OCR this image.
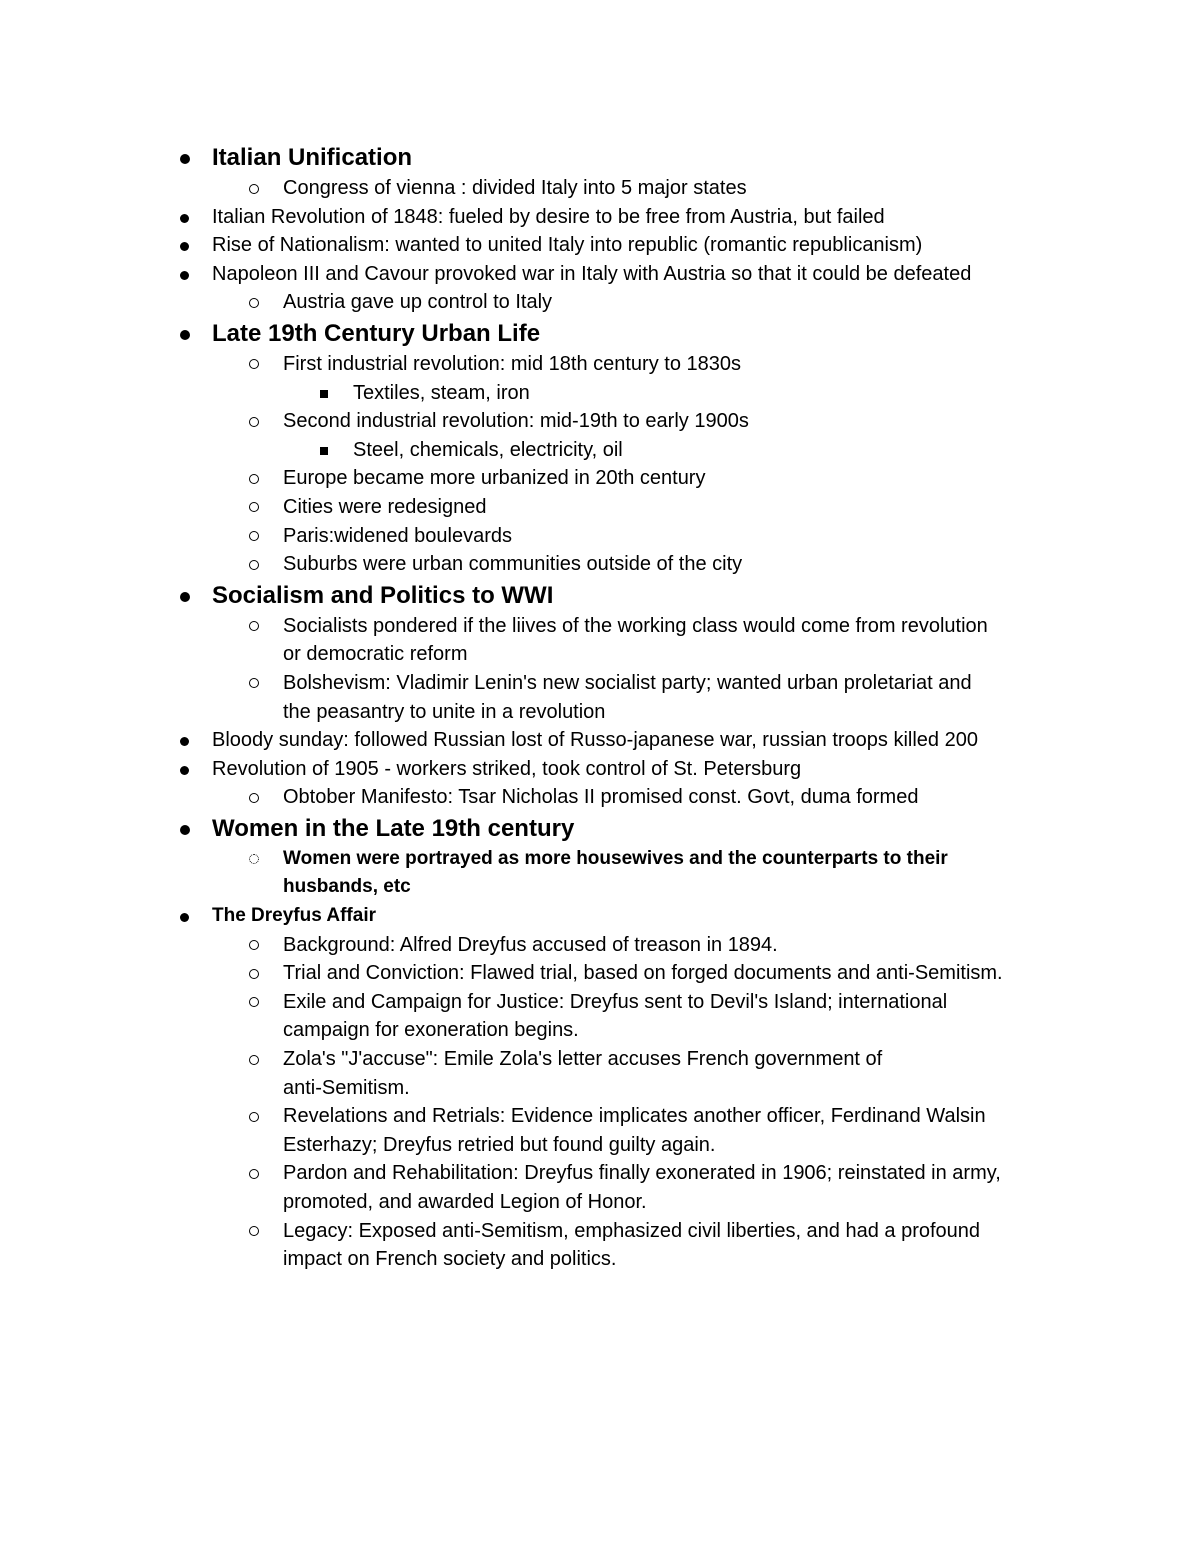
Italian Unification
Congress of vienna : divided Italy into 5 major states
Italian Revolution of 1848: fueled by desire to be free from Austria, but failed
Rise of Nationalism: wanted to united Italy into republic (romantic republicanism)
Napoleon III and Cavour provoked war in Italy with Austria so that it could be defeated
Austria gave up control to Italy
Late 19th Century Urban Life
First industrial revolution: mid 18th century to 1830s
Textiles, steam, iron
Second industrial revolution: mid-19th to early 1900s
Steel, chemicals, electricity, oil
Europe became more urbanized in 20th century
Cities were redesigned
Paris:widened boulevards
Suburbs were urban communities outside of the city
Socialism and Politics to WWI
Socialists pondered if the liives of the working class would come from revolution
or democratic reform
Bolshevism: Vladimir Lenin's new socialist party; wanted urban proletariat and
the peasantry to unite in a revolution
Bloody sunday: followed Russian lost of Russo-japanese war, russian troops killed 200
Revolution of 1905 - workers striked, took control of St. Petersburg
Obtober Manifesto: Tsar Nicholas II promised const. Govt, duma formed
Women in the Late 19th century
Women were portrayed as more housewives and the counterparts to their
husbands, etc
The Dreyfus Affair
Background: Alfred Dreyfus accused of treason in 1894.
Trial and Conviction: Flawed trial, based on forged documents and anti-Semitism.
Exile and Campaign for Justice: Dreyfus sent to Devil's Island; international
campaign for exoneration begins.
Zola's "J'accuse": Emile Zola's letter accuses French government of
anti-Semitism.
Revelations and Retrials: Evidence implicates another officer, Ferdinand Walsin
Esterhazy; Dreyfus retried but found guilty again.
Pardon and Rehabilitation: Dreyfus finally exonerated in 1906; reinstated in army,
promoted, and awarded Legion of Honor.
Legacy: Exposed anti-Semitism, emphasized civil liberties, and had a profound
impact on French society and politics.
